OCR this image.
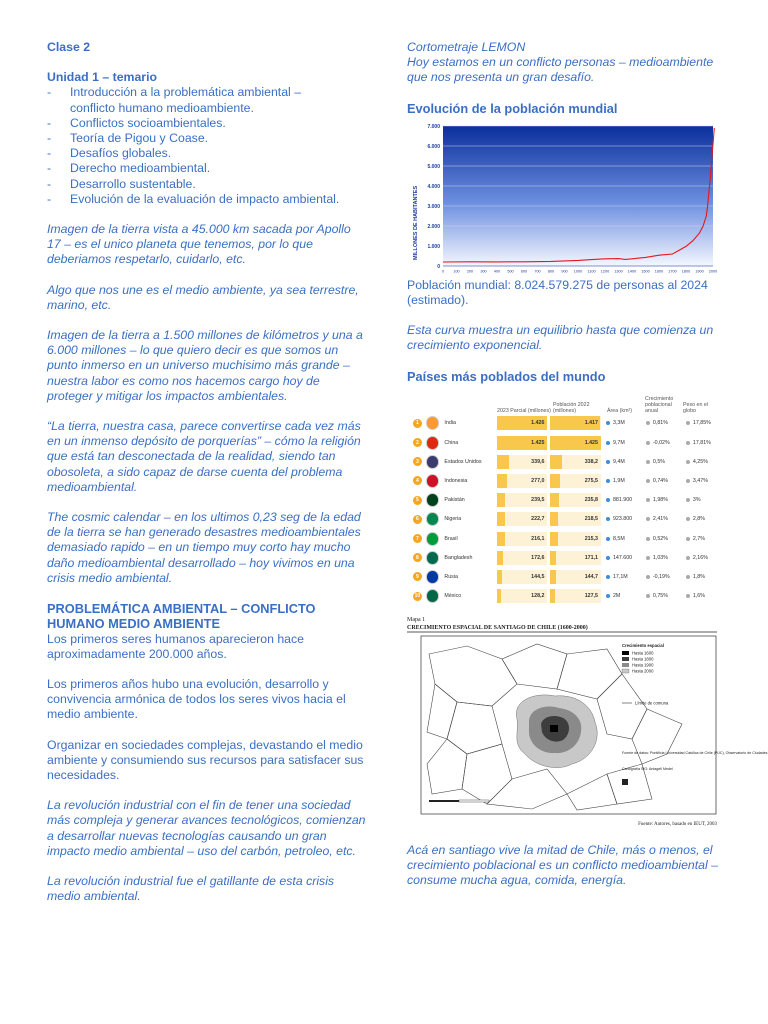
Clase 2

Unidad 1 – temario

- Introducción a la problemática ambiental –
conflicto humano medioambiente.
- Conflictos socioambientales.
- Teoría de Pigou y Coase.
- Desafíos globales.
- Derecho medioambiental.
- Desarrollo sustentable.
- Evolución de la evaluación de impacto ambiental.

Imagen de la tierra vista a 45.000 km sacada por Apollo 17 – es el unico planeta que tenemos, por lo que deberiamos respetarlo, cuidarlo, etc.

Algo que nos une es el medio ambiente, ya sea terrestre, marino, etc.

Imagen de la tierra a 1.500 millones de kilómetros y una a 6.000 millones – lo que quiero decir es que somos un punto inmerso en un universo muchisimo más grande – nuestra labor es como nos hacemos cargo hoy de proteger y mitigar los impactos ambientales.

“La tierra, nuestra casa, parece convertirse cada vez más en un inmenso depósito de porquerías” – cómo la religión que está tan desconectada de la realidad, siendo tan obosoleta, a sido capaz de darse cuenta del problema medioambiental.

The cosmic calendar – en los ultimos 0,23 seg de la edad de la tierra se han generado desastres medioambientales demasiado rapido – en un tiempo muy corto hay mucho daño medioambiental desarrollado – hoy vivimos en una crisis medio ambiental.

PROBLEMÁTICA AMBIENTAL – CONFLICTO HUMANO MEDIO AMBIENTE

Los primeros seres humanos aparecieron hace aproximadamente 200.000 años.

Los primeros años hubo una evolución, desarrollo y convivencia armónica de todos los seres vivos hacia el medio ambiente.

Organizar en sociedades complejas, devastando el medio ambiente y consumiendo sus recursos para satisfacer sus necesidades.

La revolución industrial con el fin de tener una sociedad más compleja y generar avances tecnológicos, comienzan a desarrollar nuevas tecnologías causando un gran impacto medio ambiental – uso del carbón, petroleo, etc.

La revolución industrial fue el gatillante de esta crisis medio ambiental.

Cortometraje LEMON

Hoy estamos en un conflicto personas – medioambiente que nos presenta un gran desafío.

Evolución de la población mundial
0
1.000
2.000
3.000
4.000
5.000
6.000
7.000
0 100 200 300 400 500 600 700 800 900 1000 1100 1200 1300 1400 1500 1600 1700 1800 1900 2000
MILLONES DE HABITANTES

Población mundial: 8.024.579.275 de personas al 2024 (estimado).

Esta curva muestra un equilibrio hasta que comienza un crecimiento exponencial.

Países más poblados del mundo
2023 Parcial (millones)
Población 2022 (millones)	Área (km²)
Crecimiento poblacional anual
Peso en el globo
1	India	1.426	1.417	3,3M	0,81%	17,85%
2	China	1.425	1.425	9,7M	-0,02%	17,81%
3	Estados Unidos	339,6	338,2	9,4M	0,5%	4,25%
4	Indonesia	277,0	275,5	1,9M	0,74%	3,47%
5	Pakistán	239,5	235,8	881.900	1,98%	3%
6	Nigeria	222,7	218,5	923.800	2,41%	2,8%
7	Brasil	216,1	215,3	8,5M	0,52%	2,7%
8	Bangladesh	172,6	171,1	147.600	1,03%	2,16%
9	Rusia	144,5	144,7	17,1M	-0,19%	1,8%
10	México	128,2	127,5	2M	0,75%	1,6%
Mapa 1
CRECIMIENTO ESPACIAL DE SANTIAGO DE CHILE (1600-2000)
Crecimiento espacial
Hasta 1600
Hasta 1800
Hasta 1900
Hasta 2000
Límite de comuna
Fuente de datos: Pontificia Universidad Católica de Chile (PUC), Observatorio de Ciudades
Cartografía SIG: Antagell Medel
Fuente: Autores, basado en IEUT, 2003

Acá en santiago vive la mitad de Chile, más o menos, el crecimiento poblacional es un conflicto medioambiental – consume mucha agua, comida, energía.
